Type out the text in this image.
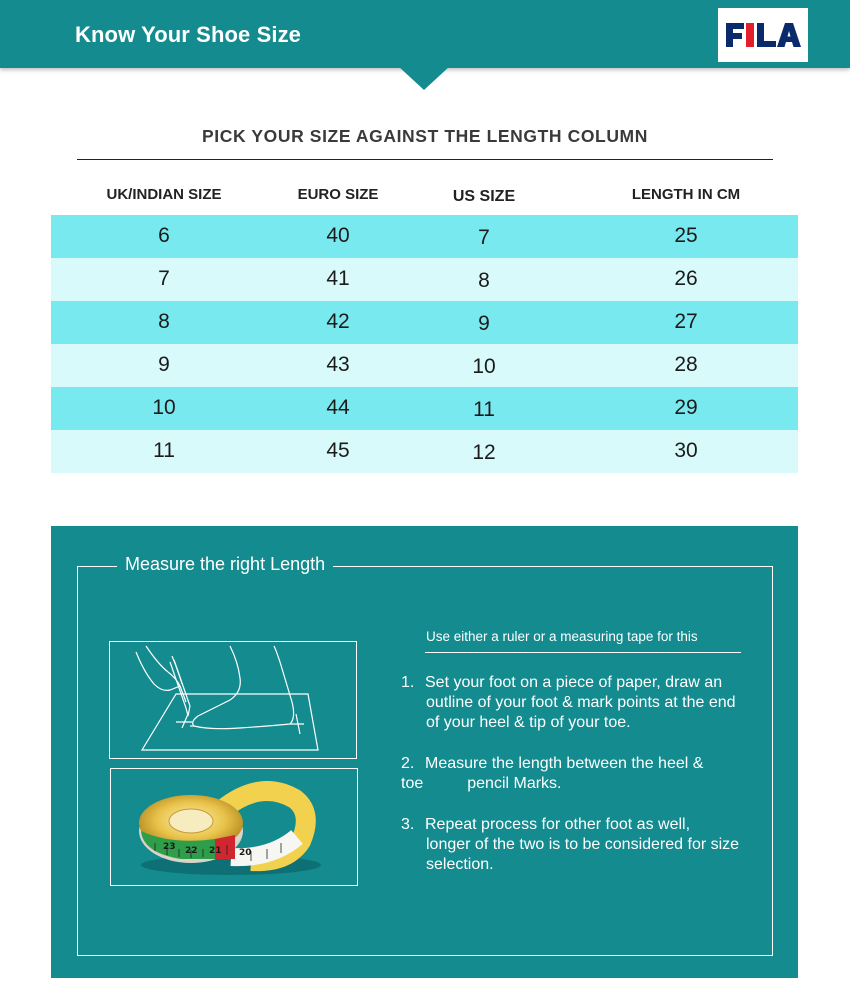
Know Your Shoe Size
PICK YOUR SIZE AGAINST THE LENGTH COLUMN
UK/INDIAN SIZE	EURO SIZE	US SIZE	LENGTH IN CM
6	40	7	25
7	41	8	26
8	42	9	27
9	43	10	28
10	44	11	29
11	45	12	30
Measure the right Length
20
21
22
23
Use either a ruler or a measuring tape for this
1. Set your foot on a piece of paper, draw an
outline of your foot & mark points at the end of your heel & tip of your toe.
2. Measure the length between the heel &
toe	pencil Marks.
3. Repeat process for other foot as well,
longer of the two is to be considered for size selection.
